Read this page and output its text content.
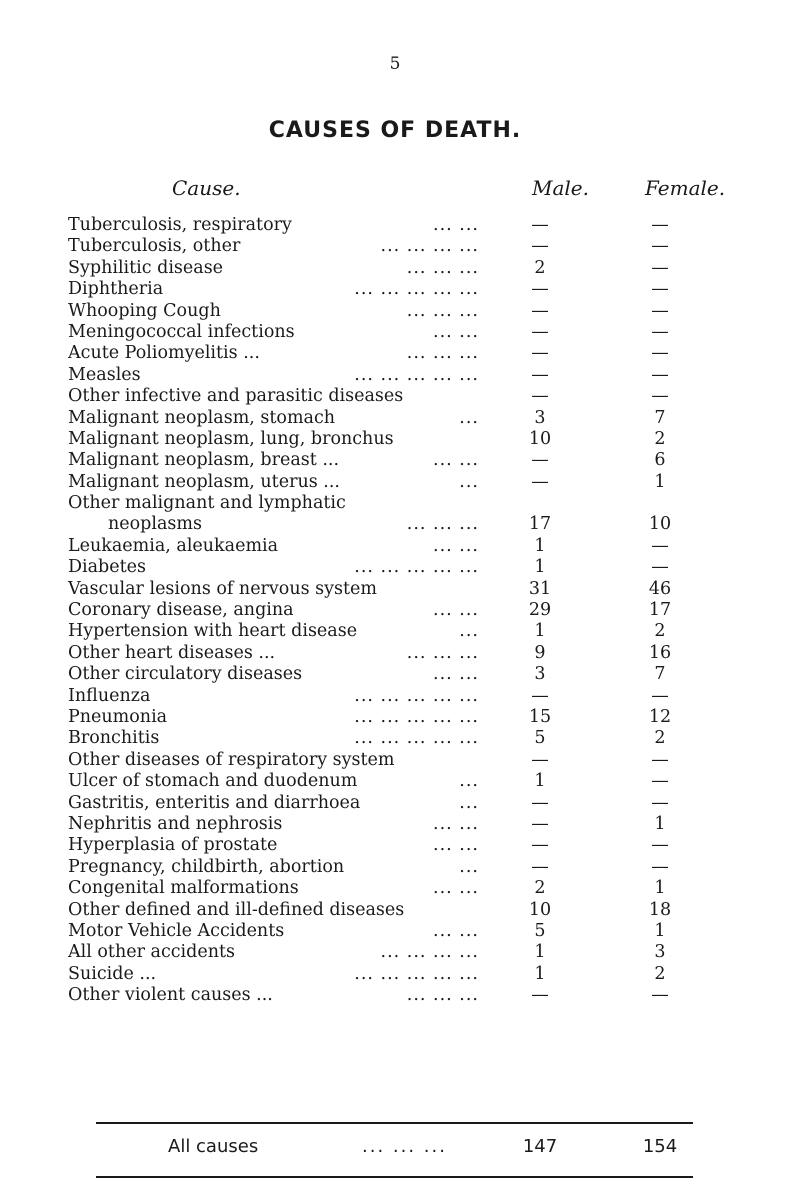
5
CAUSES OF DEATH.
Cause.	Male.	Female.
Tuberculosis, respiratory	... ...	—	—
Tuberculosis, other	... ... ... ...	—	—
Syphilitic disease	... ... ...	2	—
Diphtheria	... ... ... ... ...	—	—
Whooping Cough	... ... ...	—	—
Meningococcal infections	... ...	—	—
Acute Poliomyelitis ...	... ... ...	—	—
Measles	... ... ... ... ...	—	—
Other infective and parasitic diseases	—	—
Malignant neoplasm, stomach	...	3	7
Malignant neoplasm, lung, bronchus	10	2
Malignant neoplasm, breast ...	... ...	—	6
Malignant neoplasm, uterus ...	...	—	1
Other malignant and lymphatic
neoplasms	... ... ...	17	10
Leukaemia, aleukaemia	... ...	1	—
Diabetes	... ... ... ... ...	1	—
Vascular lesions of nervous system	31	46
Coronary disease, angina	... ...	29	17
Hypertension with heart disease	...	1	2
Other heart diseases ...	... ... ...	9	16
Other circulatory diseases	... ...	3	7
Influenza	... ... ... ... ...	—	—
Pneumonia	... ... ... ... ...	15	12
Bronchitis	... ... ... ... ...	5	2
Other diseases of respiratory system	—	—
Ulcer of stomach and duodenum	...	1	—
Gastritis, enteritis and diarrhoea	...	—	—
Nephritis and nephrosis	... ...	—	1
Hyperplasia of prostate	... ...	—	—
Pregnancy, childbirth, abortion	...	—	—
Congenital malformations	... ...	2	1
Other defined and ill-defined diseases	10	18
Motor Vehicle Accidents	... ...	5	1
All other accidents	... ... ... ...	1	3
Suicide ...	... ... ... ... ...	1	2
Other violent causes ...	... ... ...	—	—
All causes	... ... ...	147	154
